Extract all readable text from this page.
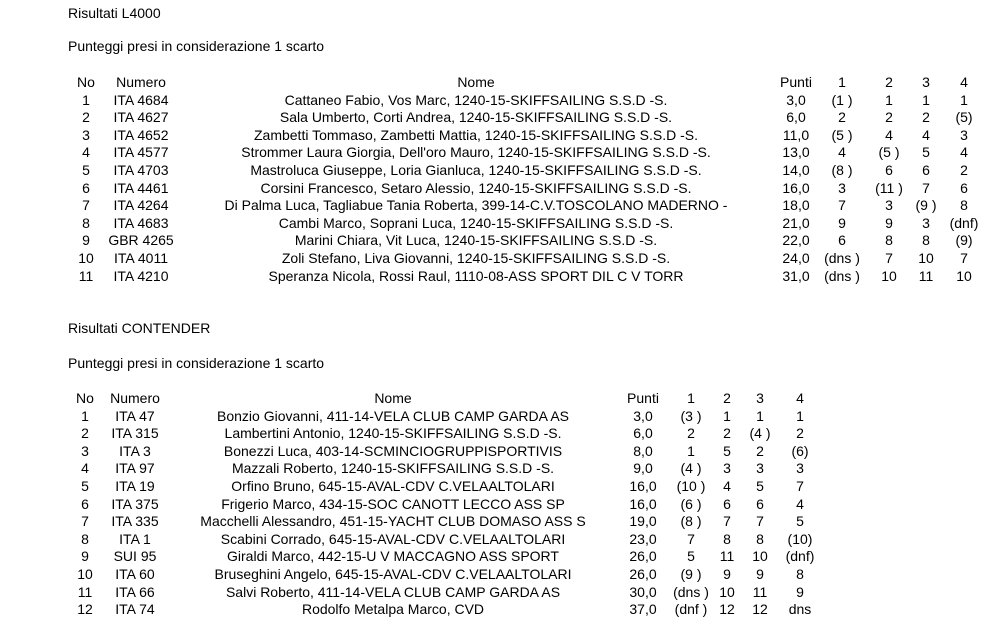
Risultati L4000
Punteggi presi in considerazione 1 scarto
No	Numero	Nome	Punti	1	2	3	4
1	ITA 4684	Cattaneo Fabio, Vos Marc, 1240-15-SKIFFSAILING S.S.D -S.	3,0	(1 )	1	1	1
2	ITA 4627	Sala Umberto, Corti Andrea, 1240-15-SKIFFSAILING S.S.D -S.	6,0	2	2	2	(5)
3	ITA 4652	Zambetti Tommaso, Zambetti Mattia, 1240-15-SKIFFSAILING S.S.D -S.	11,0	(5 )	4	4	3
4	ITA 4577	Strommer Laura Giorgia, Dell'oro Mauro, 1240-15-SKIFFSAILING S.S.D -S.	13,0	4	(5 )	5	4
5	ITA 4703	Mastroluca Giuseppe, Loria Gianluca, 1240-15-SKIFFSAILING S.S.D -S.	14,0	(8 )	6	6	2
6	ITA 4461	Corsini Francesco, Setaro Alessio, 1240-15-SKIFFSAILING S.S.D -S.	16,0	3	(11 )	7	6
7	ITA 4264	Di Palma Luca, Tagliabue Tania Roberta, 399-14-C.V.TOSCOLANO MADERNO -	18,0	7	3	(9 )	8
8	ITA 4683	Cambi Marco, Soprani Luca, 1240-15-SKIFFSAILING S.S.D -S.	21,0	9	9	3	(dnf)
9	GBR 4265	Marini Chiara, Vit Luca, 1240-15-SKIFFSAILING S.S.D -S.	22,0	6	8	8	(9)
10	ITA 4011	Zoli Stefano, Liva Giovanni, 1240-15-SKIFFSAILING S.S.D -S.	24,0	(dns )	7	10	7
11	ITA 4210	Speranza Nicola, Rossi Raul, 1110-08-ASS SPORT DIL C V TORR	31,0	(dns )	10	11	10
Risultati CONTENDER
Punteggi presi in considerazione 1 scarto
No	Numero	Nome	Punti	1	2	3	4
1	ITA 47	Bonzio Giovanni, 411-14-VELA CLUB CAMP GARDA AS	3,0	(3 )	1	1	1
2	ITA 315	Lambertini Antonio, 1240-15-SKIFFSAILING S.S.D -S.	6,0	2	2	(4 )	2
3	ITA 3	Bonezzi Luca, 403-14-SCMINCIOGRUPPISPORTIVIS	8,0	1	5	2	(6)
4	ITA 97	Mazzali Roberto, 1240-15-SKIFFSAILING S.S.D -S.	9,0	(4 )	3	3	3
5	ITA 19	Orfino Bruno, 645-15-AVAL-CDV C.VELAALTOLARI	16,0	(10 )	4	5	7
6	ITA 375	Frigerio Marco, 434-15-SOC CANOTT LECCO ASS SP	16,0	(6 )	6	6	4
7	ITA 335	Macchelli Alessandro, 451-15-YACHT CLUB DOMASO ASS S	19,0	(8 )	7	7	5
8	ITA 1	Scabini Corrado, 645-15-AVAL-CDV C.VELAALTOLARI	23,0	7	8	8	(10)
9	SUI 95	Giraldi Marco, 442-15-U V MACCAGNO ASS SPORT	26,0	5	11	10	(dnf)
10	ITA 60	Bruseghini Angelo, 645-15-AVAL-CDV C.VELAALTOLARI	26,0	(9 )	9	9	8
11	ITA 66	Salvi Roberto, 411-14-VELA CLUB CAMP GARDA AS	30,0	(dns )	10	11	9
12	ITA 74	Rodolfo Metalpa Marco, CVD	37,0	(dnf )	12	12	dns
